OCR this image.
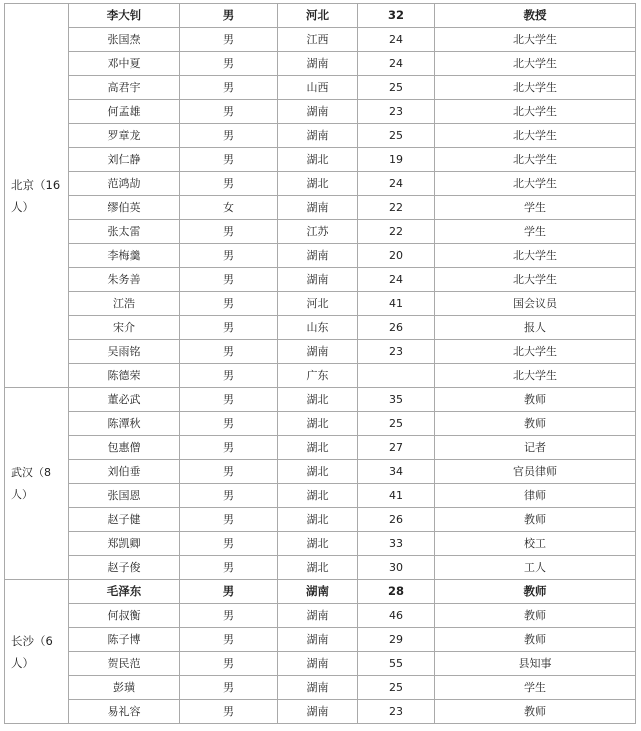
北京（16人）	李大钊	男	河北	32	教授
	张国焘	男	江西	24	北大学生
	邓中夏	男	湖南	24	北大学生
	高君宇	男	山西	25	北大学生
	何孟雄	男	湖南	23	北大学生
	罗章龙	男	湖南	25	北大学生
	刘仁静	男	湖北	19	北大学生
	范鸿劼	男	湖北	24	北大学生
	缪伯英	女	湖南	22	学生
	张太雷	男	江苏	22	学生
	李梅羹	男	湖南	20	北大学生
	朱务善	男	湖南	24	北大学生
	江浩	男	河北	41	国会议员
	宋介	男	山东	26	报人
	吴雨铭	男	湖南	23	北大学生
	陈德荣	男	广东		北大学生
武汉（8人）	董必武	男	湖北	35	教师
	陈潭秋	男	湖北	25	教师
	包惠僧	男	湖北	27	记者
	刘伯垂	男	湖北	34	官员律师
	张国恩	男	湖北	41	律师
	赵子健	男	湖北	26	教师
	郑凯卿	男	湖北	33	校工
	赵子俊	男	湖北	30	工人
长沙（6人）	毛泽东	男	湖南	28	教师
	何叔衡	男	湖南	46	教师
	陈子博	男	湖南	29	教师
	贺民范	男	湖南	55	县知事
	彭璜	男	湖南	25	学生
	易礼容	男	湖南	23	教师
